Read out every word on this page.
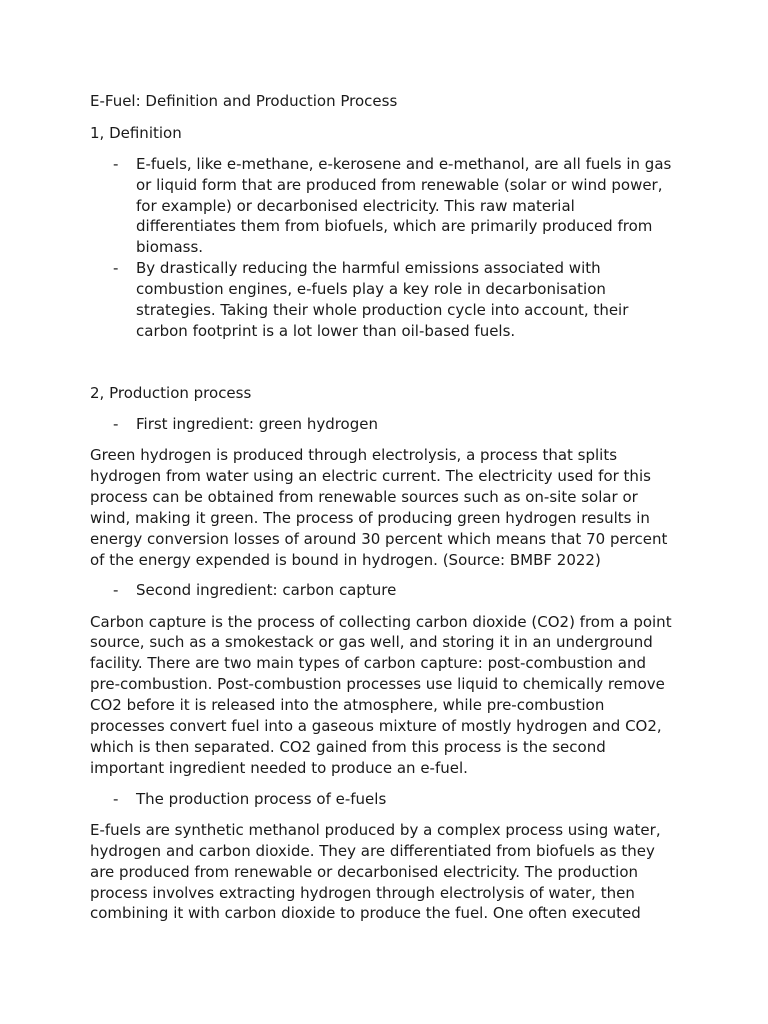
E-Fuel: Definition and Production Process
1, Definition
- E-fuels, like e-methane, e-kerosene and e-methanol, are all fuels in gas
or liquid form that are produced from renewable (solar or wind power,
for example) or decarbonised electricity. This raw material
differentiates them from biofuels, which are primarily produced from
biomass.
- By drastically reducing the harmful emissions associated with
combustion engines, e-fuels play a key role in decarbonisation
strategies. Taking their whole production cycle into account, their
carbon footprint is a lot lower than oil-based fuels.
2, Production process
- First ingredient: green hydrogen
Green hydrogen is produced through electrolysis, a process that splits
hydrogen from water using an electric current. The electricity used for this
process can be obtained from renewable sources such as on-site solar or
wind, making it green. The process of producing green hydrogen results in
energy conversion losses of around 30 percent which means that 70 percent
of the energy expended is bound in hydrogen. (Source: BMBF 2022)
- Second ingredient: carbon capture
Carbon capture is the process of collecting carbon dioxide (CO2) from a point
source, such as a smokestack or gas well, and storing it in an underground
facility. There are two main types of carbon capture: post-combustion and
pre-combustion. Post-combustion processes use liquid to chemically remove
CO2 before it is released into the atmosphere, while pre-combustion
processes convert fuel into a gaseous mixture of mostly hydrogen and CO2,
which is then separated. CO2 gained from this process is the second
important ingredient needed to produce an e-fuel.
- The production process of e-fuels
E-fuels are synthetic methanol produced by a complex process using water,
hydrogen and carbon dioxide. They are differentiated from biofuels as they
are produced from renewable or decarbonised electricity. The production
process involves extracting hydrogen through electrolysis of water, then
combining it with carbon dioxide to produce the fuel. One often executed
